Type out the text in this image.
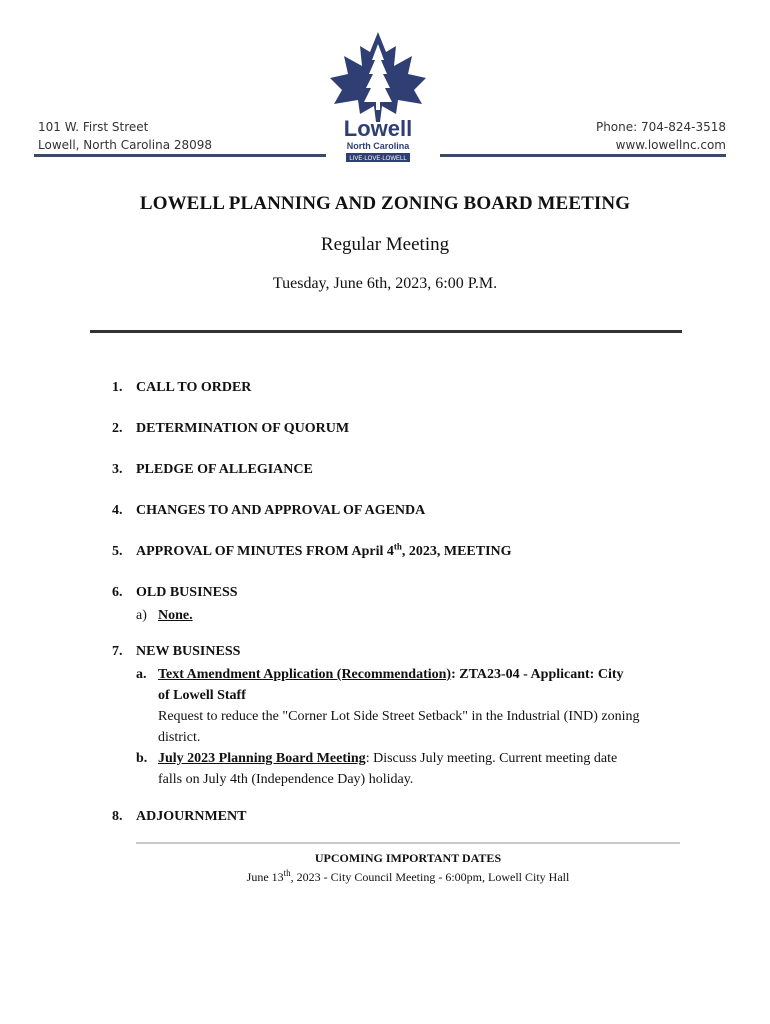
101 W. First Street
Lowell, North Carolina 28098
Phone: 704-824-3518
www.lowellnc.com
Lowell
North Carolina
LIVE·LOVE·LOWELL
LOWELL PLANNING AND ZONING BOARD MEETING
Regular Meeting
Tuesday, June 6th, 2023, 6:00 P.M.
1. CALL TO ORDER
2. DETERMINATION OF QUORUM
3. PLEDGE OF ALLEGIANCE
4. CHANGES TO AND APPROVAL OF AGENDA
5. APPROVAL OF MINUTES FROM April 4th, 2023, MEETING
6. OLD BUSINESS
a) None.
7. NEW BUSINESS
a. Text Amendment Application (Recommendation): ZTA23-04 - Applicant: City
of Lowell Staff
Request to reduce the "Corner Lot Side Street Setback" in the Industrial (IND) zoning
district.
b. July 2023 Planning Board Meeting: Discuss July meeting. Current meeting date
falls on July 4th (Independence Day) holiday.
8. ADJOURNMENT
UPCOMING IMPORTANT DATES
June 13th, 2023 - City Council Meeting - 6:00pm, Lowell City Hall
